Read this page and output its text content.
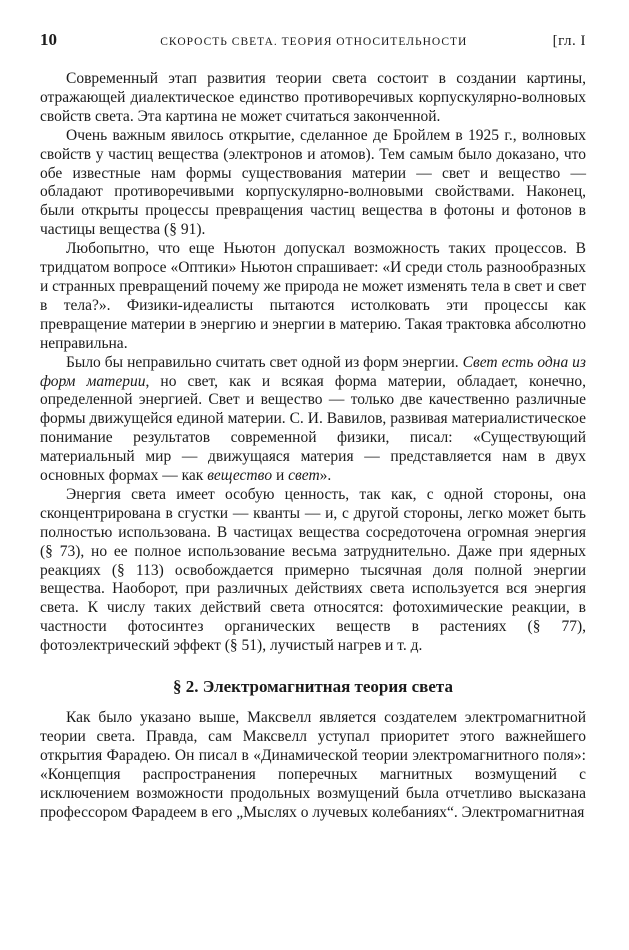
10	СКОРОСТЬ СВЕТА. ТЕОРИЯ ОТНОСИТЕЛЬНОСТИ	[гл. I

Современный этап развития теории света состоит в создании картины, отражающей диалектическое единство противоречивых корпускулярно-волновых свойств света. Эта картина не может считаться законченной.

Очень важным явилось открытие, сделанное де Бройлем в 1925 г., волновых свойств у частиц вещества (электронов и атомов). Тем самым было доказано, что обе известные нам формы существования материи — свет и вещество — обладают противоречивыми корпускулярно-волновыми свойствами. Наконец, были открыты процессы превращения частиц вещества в фотоны и фотонов в частицы вещества (§ 91).

Любопытно, что еще Ньютон допускал возможность таких процессов. В тридцатом вопросе «Оптики» Ньютон спрашивает: «И среди столь разнообразных и странных превращений почему же природа не может изменять тела в свет и свет в тела?». Физики-идеалисты пытаются истолковать эти процессы как превращение материи в энергию и энергии в материю. Такая трактовка абсолютно неправильна.

Было бы неправильно считать свет одной из форм энергии. Свет есть одна из форм материи, но свет, как и всякая форма материи, обладает, конечно, определенной энергией. Свет и вещество — только две качественно различные формы движущейся единой материи. С. И. Вавилов, развивая материалистическое понимание результатов современной физики, писал: «Существующий материальный мир — движущаяся материя — представляется нам в двух основных формах — как веществo и свет».

Энергия света имеет особую ценность, так как, с одной стороны, она сконцентрирована в сгустки — кванты — и, с другой стороны, легко может быть полностью использована. В частицах вещества сосредоточена огромная энергия (§ 73), но ее полное использование весьма затруднительно. Даже при ядерных реакциях (§ 113) освобождается примерно тысячная доля полной энергии вещества. Наоборот, при различных действиях света используется вся энергия света. К числу таких действий света относятся: фотохимические реакции, в частности фотосинтез органических веществ в растениях (§ 77), фотоэлектрический эффект (§ 51), лучистый нагрев и т. д.

§ 2. Электромагнитная теория света

Как было указано выше, Максвелл является создателем электромагнитной теории света. Правда, сам Максвелл уступал приоритет этого важнейшего открытия Фарадею. Он писал в «Динамической теории электромагнитного поля»: «Концепция распространения поперечных магнитных возмущений с исключением возможности продольных возмущений была отчетливо высказана профессором Фарадеем в его „Мыслях о лучевых колебаниях“. Электромагнитная
